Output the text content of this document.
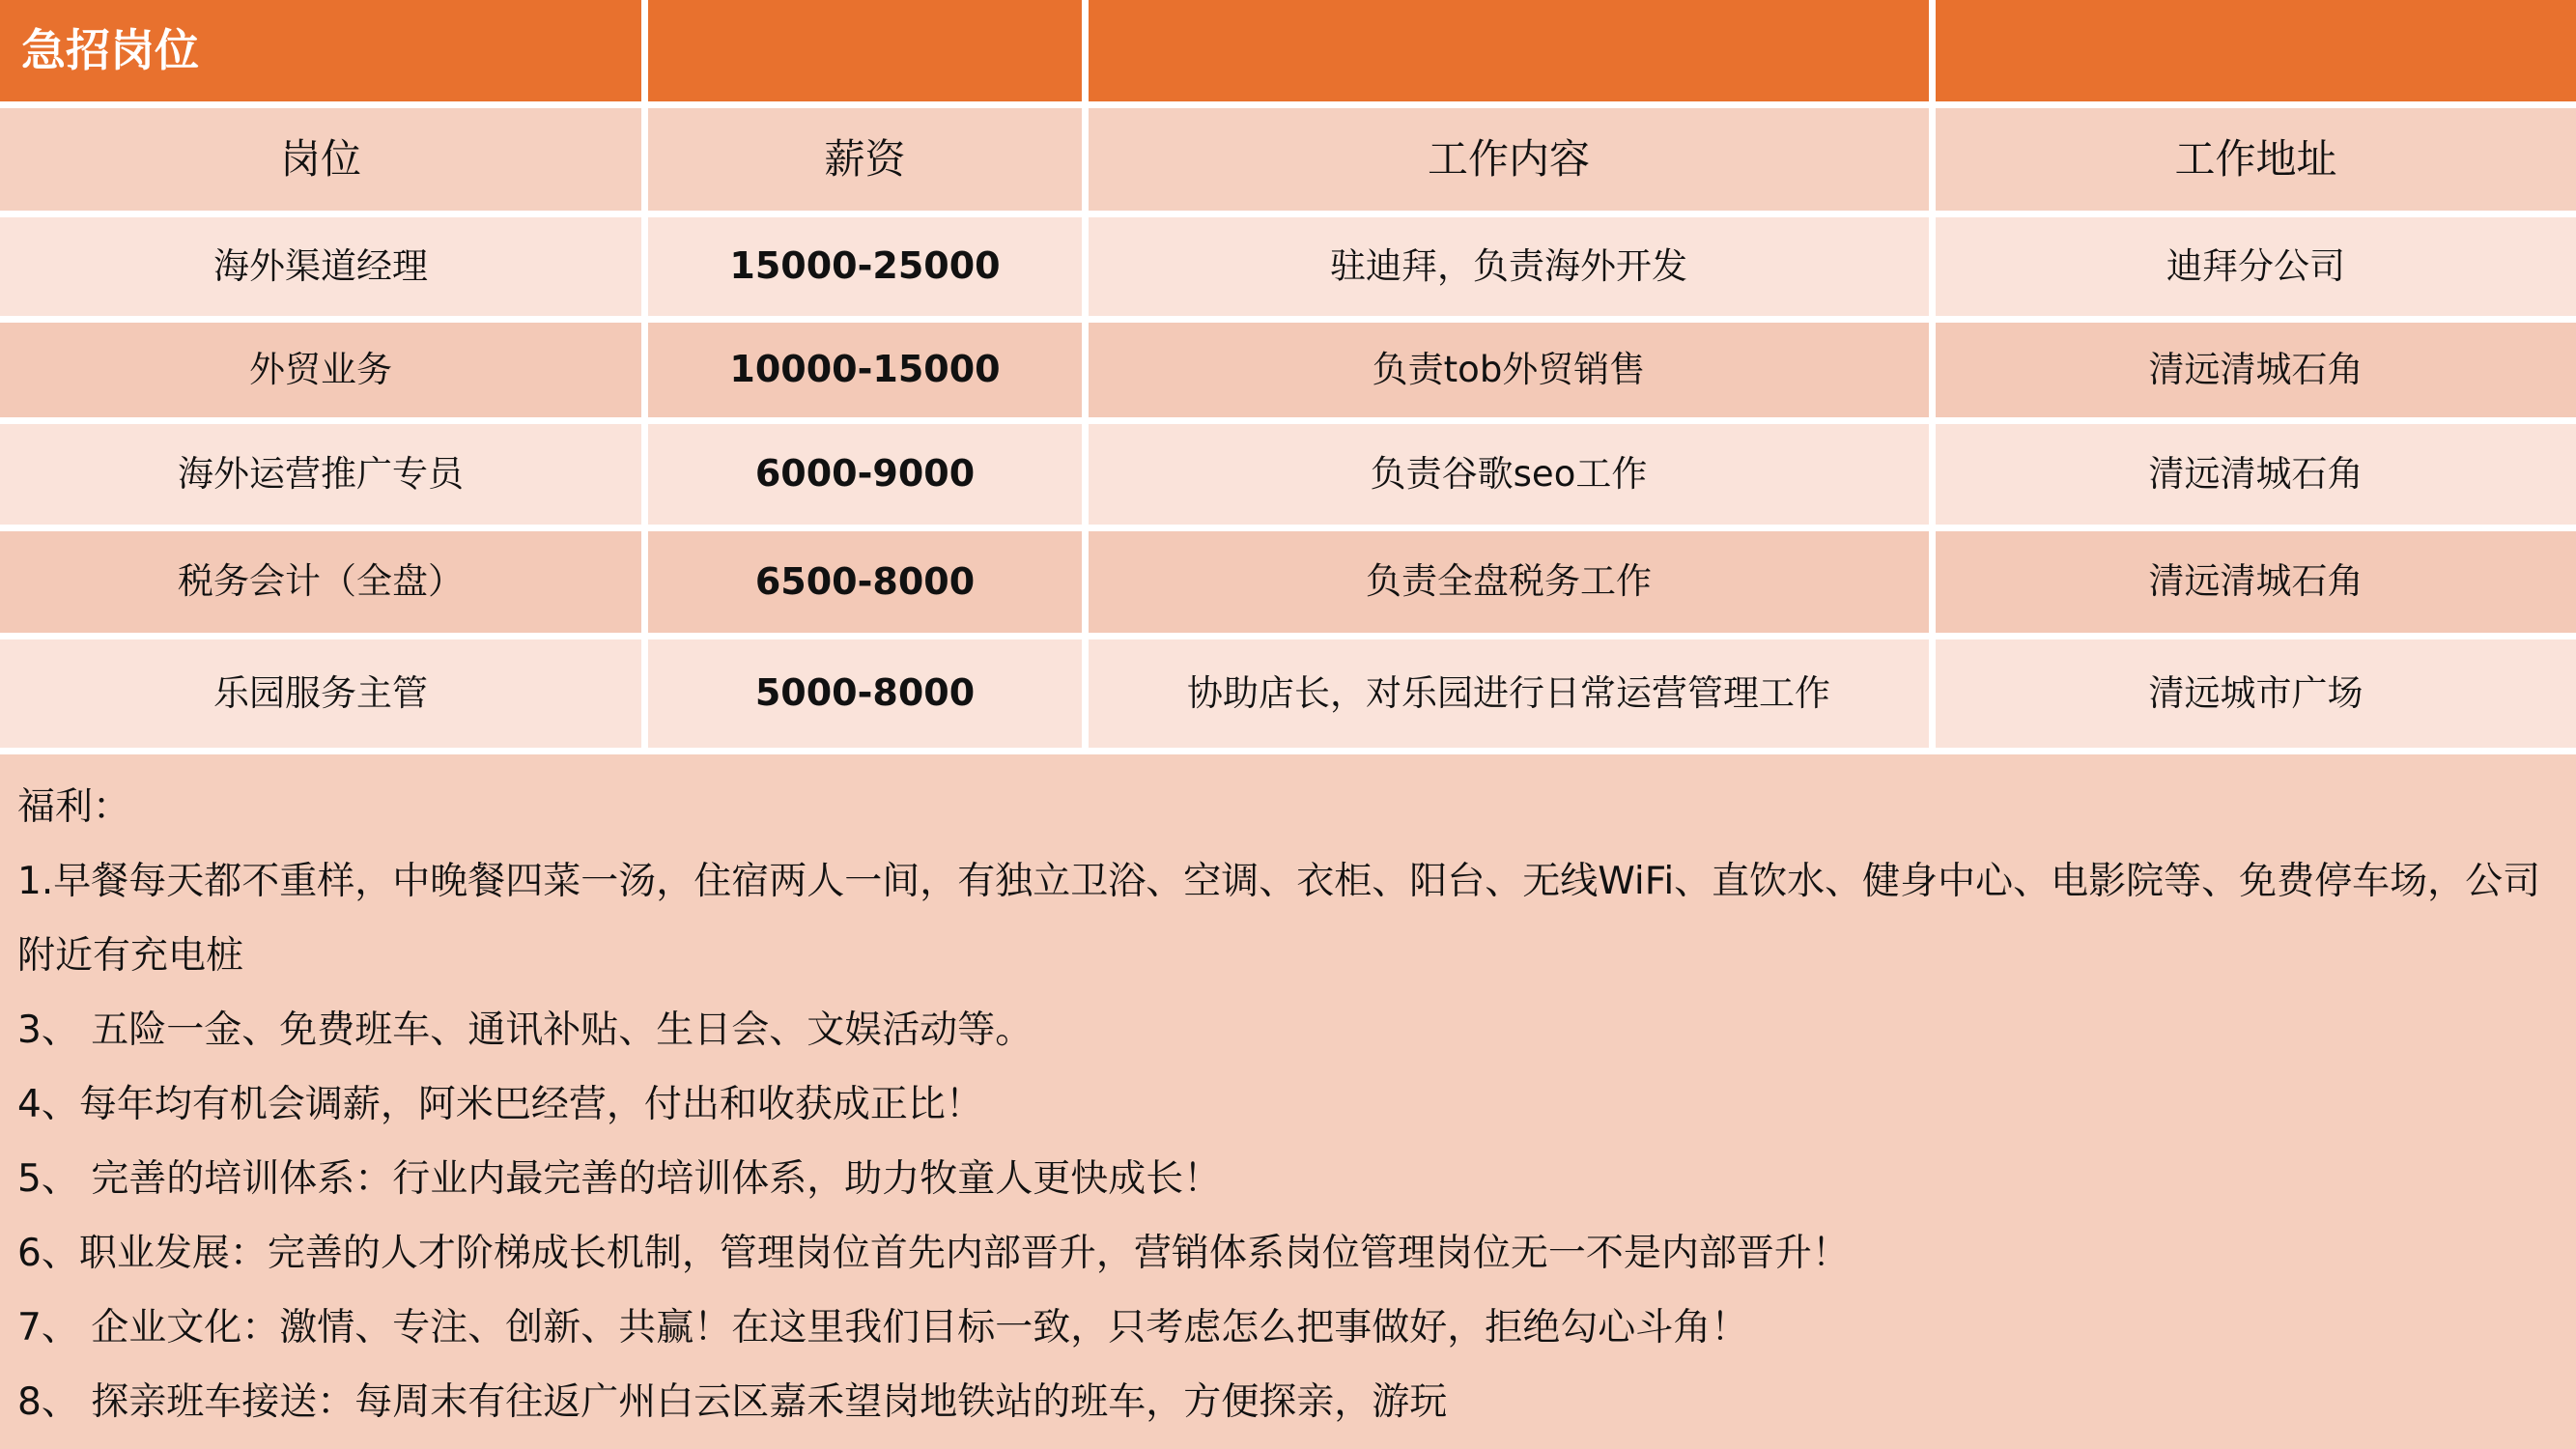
急招岗位
岗位	薪资	工作内容	工作地址
海外渠道经理	15000-25000	驻迪拜，负责海外开发	迪拜分公司
外贸业务	10000-15000	负责tob外贸销售	清远清城石角
海外运营推广专员	6000-9000	负责谷歌seo工作	清远清城石角
税务会计（全盘）	6500-8000	负责全盘税务工作	清远清城石角
乐园服务主管	5000-8000	协助店长，对乐园进行日常运营管理工作	清远城市广场

福利：

1.早餐每天都不重样，中晚餐四菜一汤，住宿两人一间，有独立卫浴、空调、衣柜、阳台、无线WiFi、直饮水、健身中心、电影院等、免费停车场，公司附近有充电桩

3、 五险一金、免费班车、通讯补贴、生日会、文娱活动等。

4、每年均有机会调薪，阿米巴经营，付出和收获成正比！

5、 完善的培训体系：行业内最完善的培训体系，助力牧童人更快成长！

6、职业发展：完善的人才阶梯成长机制，管理岗位首先内部晋升，营销体系岗位管理岗位无一不是内部晋升！

7、 企业文化：激情、专注、创新、共赢！在这里我们目标一致，只考虑怎么把事做好，拒绝勾心斗角！

8、 探亲班车接送：每周末有往返广州白云区嘉禾望岗地铁站的班车，方便探亲，游玩
